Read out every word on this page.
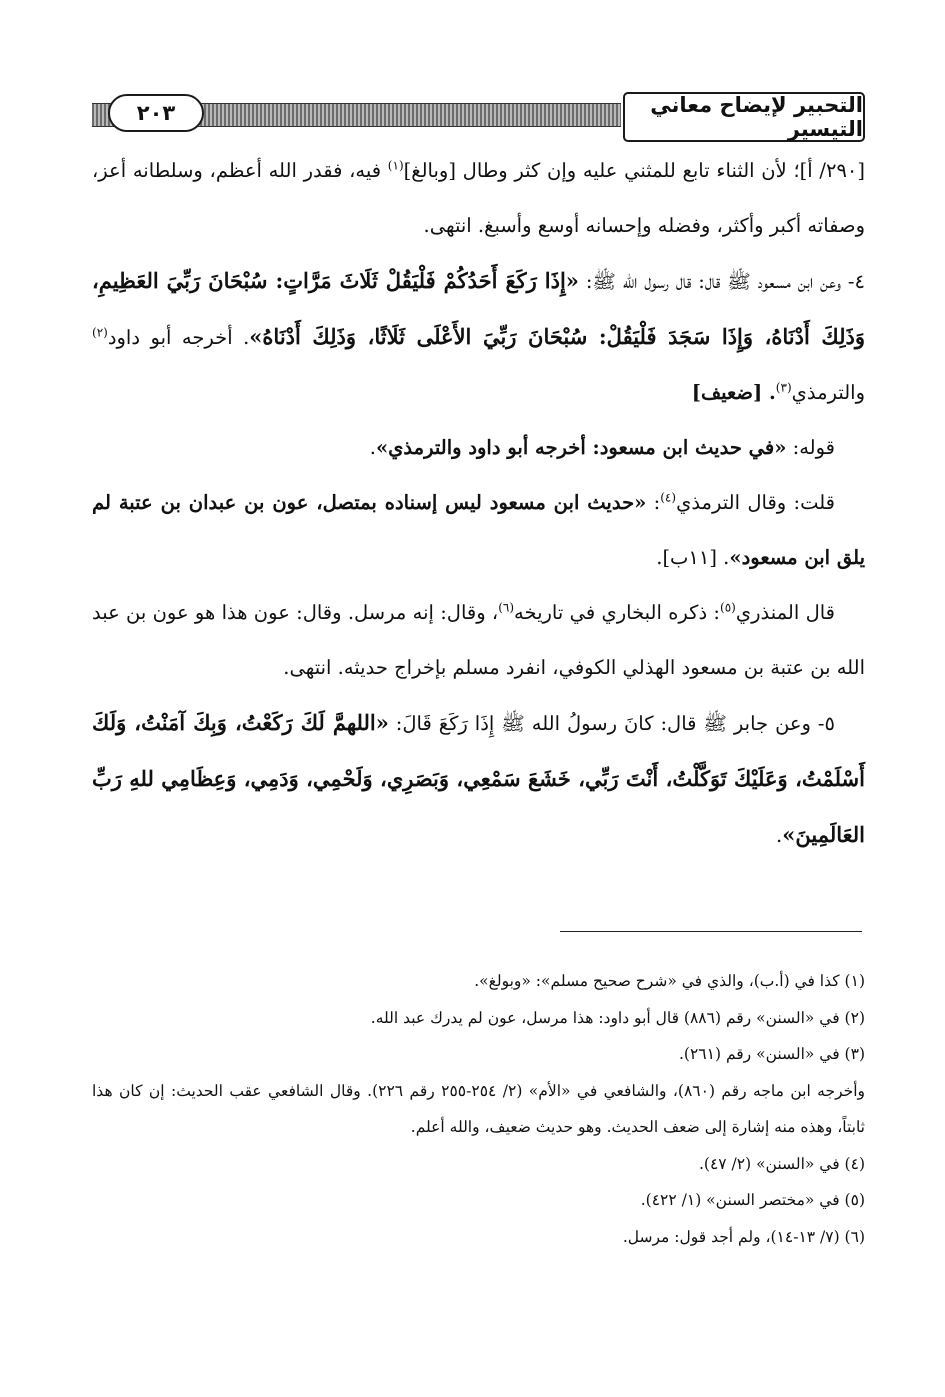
التحبير لإيضاح معاني التيسير
٢٠٣

[٢٩٠/ أ]؛ لأن الثناء تابع للمثني عليه وإن كثر وطال [وبالغ]$^{(١)}$ فيه، فقدر الله أعظم، وسلطانه أعز، وصفاته أكبر وأكثر، وفضله وإحسانه أوسع وأسبغ. انتهى.

٤- وعن ابن مسعود ﷺ قال: قال رسول الله ﷺ: «إِذَا رَكَعَ أَحَدُكُمْ فَلْيَقُلْ ثَلَاثَ مَرَّاتٍ: سُبْحَانَ رَبِّيَ العَظِيمِ، وَذَلِكَ أَدْنَاهُ، وَإِذَا سَجَدَ فَلْيَقُلْ: سُبْحَانَ رَبِّيَ الأَعْلَى ثَلَاثًا، وَذَلِكَ أَدْنَاهُ». أخرجه أبو داود$^{(٢)}$ والترمذي$^{(٣)}$. [ضعيف]

قوله: «في حديث ابن مسعود: أخرجه أبو داود والترمذي».

قلت: وقال الترمذي$^{(٤)}$: «حديث ابن مسعود ليس إسناده بمتصل، عون بن عبدان بن عتبة لم يلق ابن مسعود». [١١ب].

قال المنذري$^{(٥)}$: ذكره البخاري في تاريخه$^{(٦)}$، وقال: إنه مرسل. وقال: عون هذا هو عون بن عبد الله بن عتبة بن مسعود الهذلي الكوفي، انفرد مسلم بإخراج حديثه. انتهى.

٥- وعن جابر ﷺ قال: كانَ رسولُ الله ﷺ إِذَا رَكَعَ قَالَ: «اللهمَّ لَكَ رَكَعْتُ، وَبِكَ آمَنْتُ، وَلَكَ أَسْلَمْتُ، وَعَلَيْكَ تَوَكَّلْتُ، أَنْتَ رَبِّي، خَشَعَ سَمْعِي، وَبَصَرِي، وَلَحْمِي، وَدَمِي، وَعِظَامِي للهِ رَبِّ العَالَمِينَ».

(١) كذا في (أ.ب)، والذي في «شرح صحيح مسلم»: «وبولغ».

(٢) في «السنن» رقم (٨٨٦) قال أبو داود: هذا مرسل، عون لم يدرك عبد الله.

(٣) في «السنن» رقم (٢٦١).

وأخرجه ابن ماجه رقم (٨٦٠)، والشافعي في «الأم» (٢/ ٢٥٤-٢٥٥ رقم ٢٢٦). وقال الشافعي عقب الحديث: إن كان هذا ثابتاً، وهذه منه إشارة إلى ضعف الحديث. وهو حديث ضعيف، والله أعلم.

(٤) في «السنن» (٢/ ٤٧).

(٥) في «مختصر السنن» (١/ ٤٢٢).

(٦) (٧/ ١٣-١٤)، ولم أجد قول: مرسل.
